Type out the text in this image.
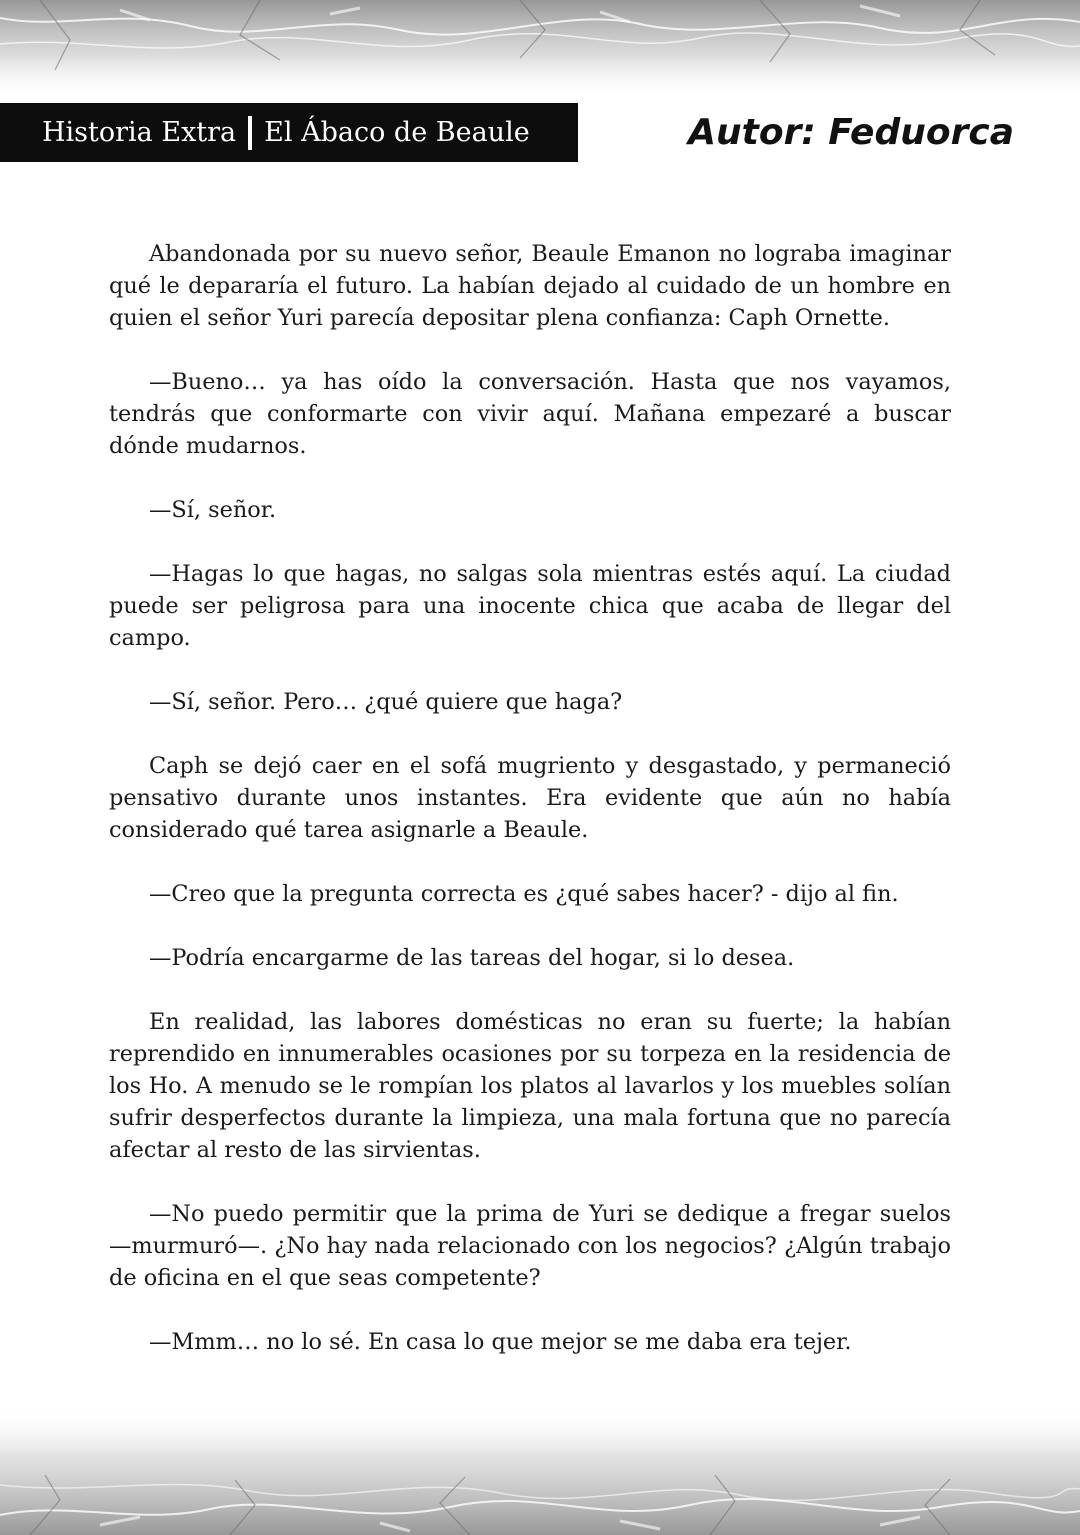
Historia Extra El Ábaco de Beaule	Autor: Feduorca

Abandonada por su nuevo señor, Beaule Emanon no lograba imaginar qué le depararía el futuro. La habían dejado al cuidado de un hombre en quien el señor Yuri parecía depositar plena confianza: Caph Ornette.

—Bueno… ya has oído la conversación. Hasta que nos vayamos, tendrás que conformarte con vivir aquí. Mañana empezaré a buscar dónde mudarnos.

—Sí, señor.

—Hagas lo que hagas, no salgas sola mientras estés aquí. La ciudad puede ser peligrosa para una inocente chica que acaba de llegar del campo.

—Sí, señor. Pero… ¿qué quiere que haga?

Caph se dejó caer en el sofá mugriento y desgastado, y permaneció pensativo durante unos instantes. Era evidente que aún no había considerado qué tarea asignarle a Beaule.

—Creo que la pregunta correcta es ¿qué sabes hacer? - dijo al fin.

—Podría encargarme de las tareas del hogar, si lo desea.

En realidad, las labores domésticas no eran su fuerte; la habían reprendido en innumerables ocasiones por su torpeza en la residencia de los Ho. A menudo se le rompían los platos al lavarlos y los muebles solían sufrir desperfectos durante la limpieza, una mala fortuna que no parecía afectar al resto de las sirvientas.

—No puedo permitir que la prima de Yuri se dedique a fregar suelos —murmuró—. ¿No hay nada relacionado con los negocios? ¿Algún trabajo de oficina en el que seas competente?

—Mmm… no lo sé. En casa lo que mejor se me daba era tejer.
